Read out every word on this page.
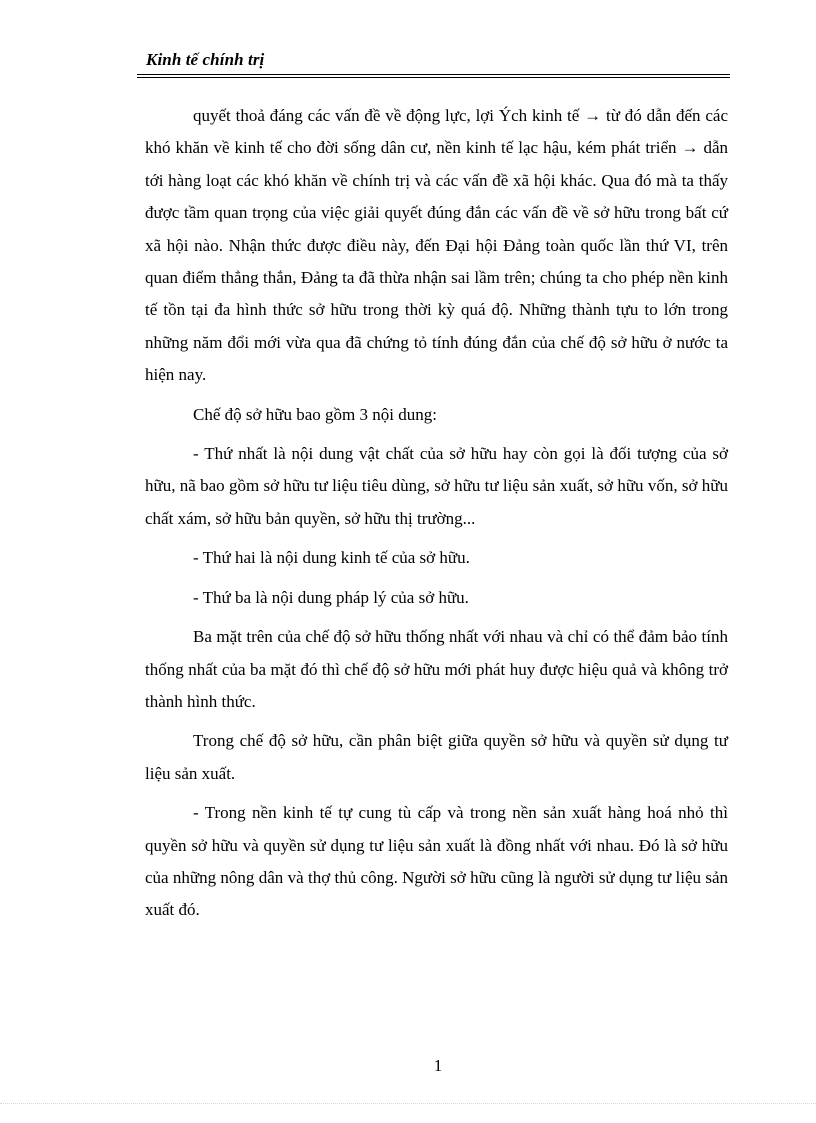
Kinh tế chính trị

quyết thoả đáng các vấn đề về động lực, lợi Ých kinh tế → từ đó dẫn đến các khó khăn về kinh tế cho đời sống dân cư, nền kinh tế lạc hậu, kém phát triển → dẫn tới hàng loạt các khó khăn về chính trị và các vấn đề xã hội khác. Qua đó mà ta thấy được tầm quan trọng của việc giải quyết đúng đắn các vấn đề về sở hữu trong bất cứ xã hội nào. Nhận thức được điều này, đến Đại hội Đảng toàn quốc lần thứ VI, trên quan điểm thẳng thắn, Đảng ta đã thừa nhận sai lầm trên; chúng ta cho phép nền kinh tế tồn tại đa hình thức sở hữu trong thời kỳ quá độ. Những thành tựu to lớn trong những năm đổi mới vừa qua đã chứng tỏ tính đúng đắn của chế độ sở hữu ở nước ta hiện nay.

Chế độ sở hữu bao gồm 3 nội dung:

- Thứ nhất là nội dung vật chất của sở hữu hay còn gọi là đối tượng của sở hữu, nã bao gồm sở hữu tư liệu tiêu dùng, sở hữu tư liệu sản xuất, sở hữu vốn, sở hữu chất xám, sở hữu bản quyền, sở hữu thị trường...

- Thứ hai là nội dung kinh tế của sở hữu.

- Thứ ba là nội dung pháp lý của sở hữu.

Ba mặt trên của chế độ sở hữu thống nhất với nhau và chỉ có thể đảm bảo tính thống nhất của ba mặt đó thì chế độ sở hữu mới phát huy được hiệu quả và không trở thành hình thức.

Trong chế độ sở hữu, cần phân biệt giữa quyền sở hữu và quyền sử dụng tư liệu sản xuất.

- Trong nền kinh tế tự cung tù cấp và trong nền sản xuất hàng hoá nhỏ thì quyền sở hữu và quyền sử dụng tư liệu sản xuất là đồng nhất với nhau. Đó là sở hữu của những nông dân và thợ thủ công. Người sở hữu cũng là người sử dụng tư liệu sản xuất đó.

1
